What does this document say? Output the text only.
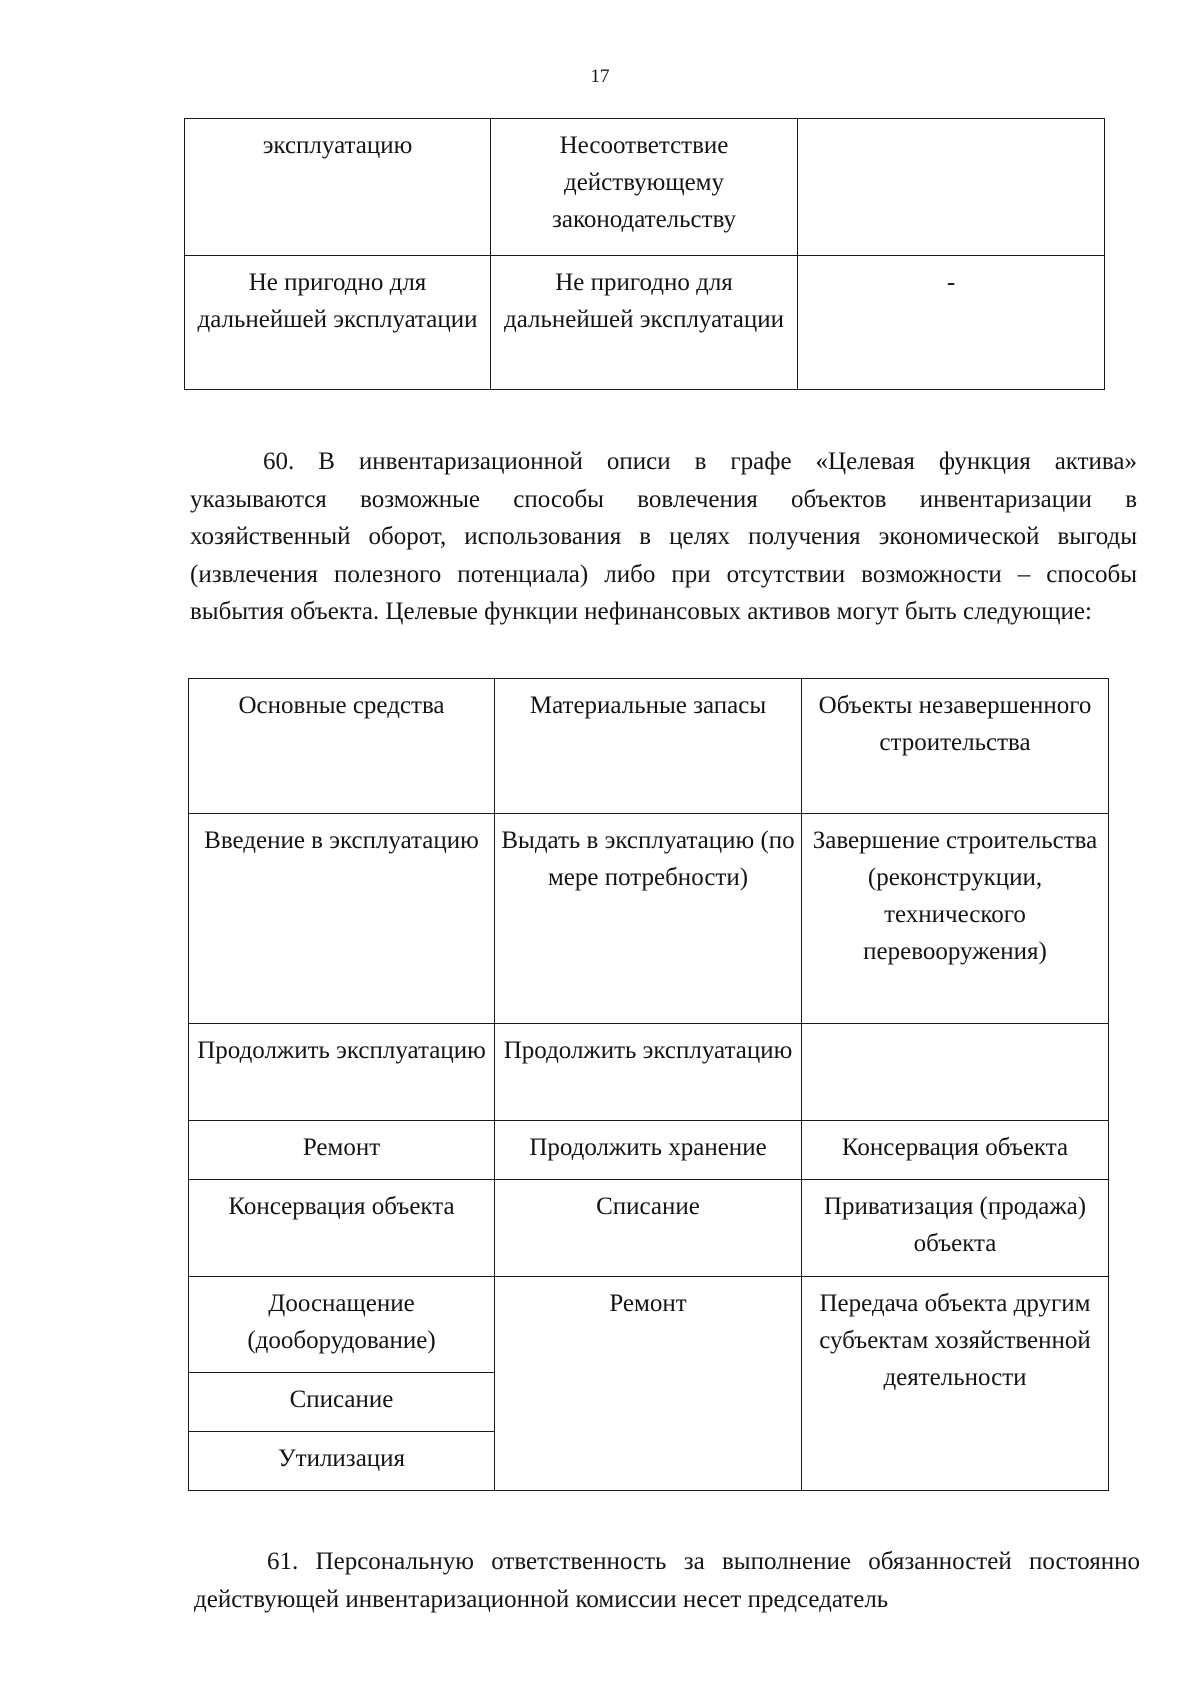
17
эксплуатацию	Несоответствие действующему законодательству	
Не пригодно для дальнейшей эксплуатации	Не пригодно для дальнейшей эксплуатации	-

60. В инвентаризационной описи в графе «Целевая функция актива» указываются возможные способы вовлечения объектов инвентаризации в хозяйственный оборот, использования в целях получения экономической выгоды (извлечения полезного потенциала) либо при отсутствии возможности – способы выбытия объекта. Целевые функции нефинансовых активов могут быть следующие:

Основные средства	Материальные запасы	Объекты незавершенного строительства
Введение в эксплуатацию	Выдать в эксплуатацию (по мере потребности)	Завершение строительства (реконструкции, технического перевооружения)
Продолжить эксплуатацию	Продолжить эксплуатацию	
Ремонт	Продолжить хранение	Консервация объекта
Консервация объекта	Списание	Приватизация (продажа) объекта
Дооснащение (дооборудование)	Ремонт	Передача объекта другим субъектам хозяйственной деятельности
Списание		
Утилизация		

61. Персональную ответственность за выполнение обязанностей постоянно действующей инвентаризационной комиссии несет председатель
